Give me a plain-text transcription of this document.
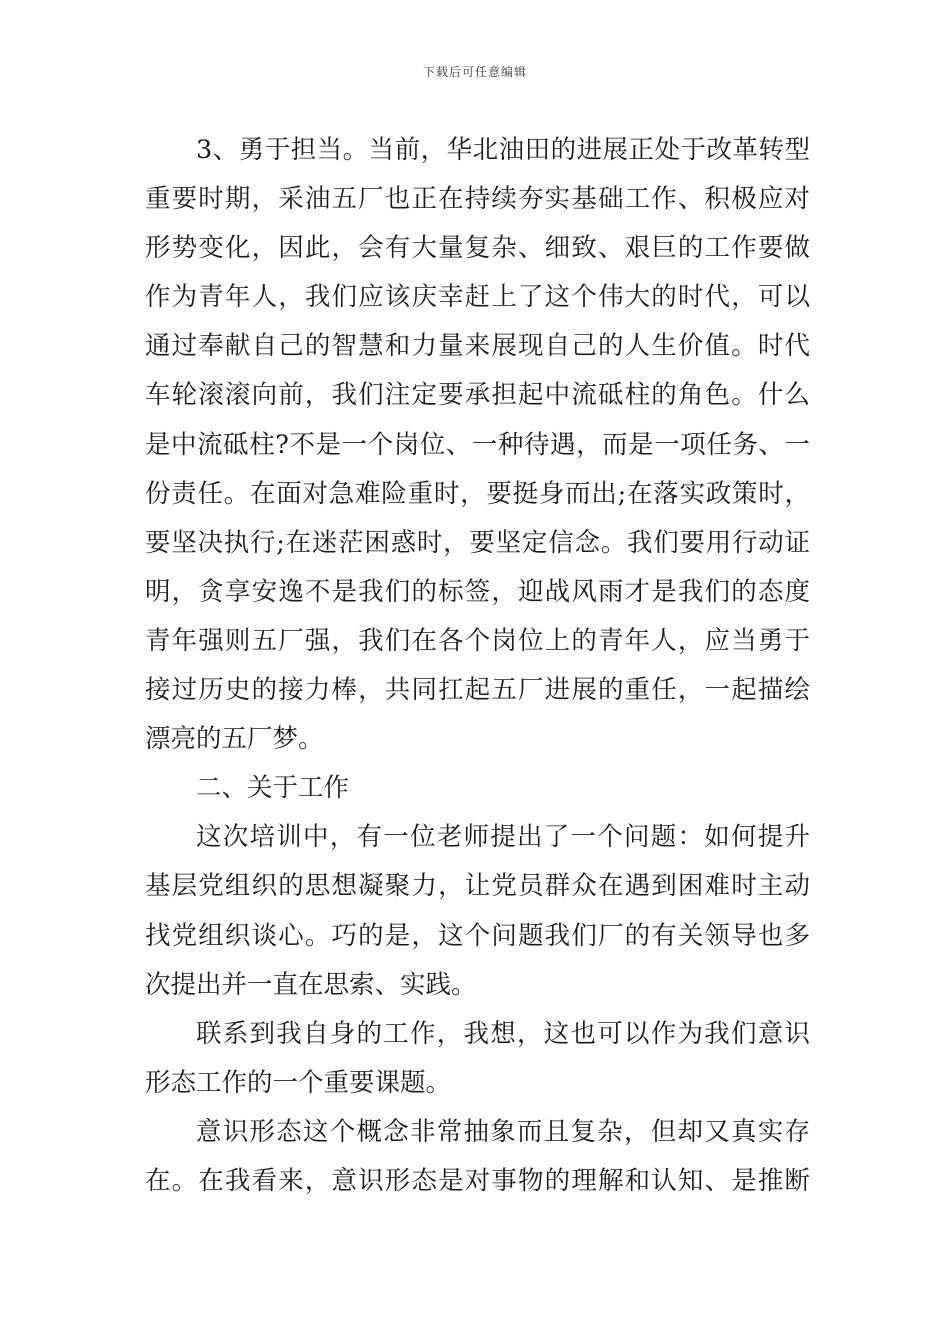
下载后可任意编辑
3、勇于担当。当前，华北油田的进展正处于改革转型
重要时期，采油五厂也正在持续夯实基础工作、积极应对
形势变化，因此，会有大量复杂、细致、艰巨的工作要做
作为青年人，我们应该庆幸赶上了这个伟大的时代，可以
通过奉献自己的智慧和力量来展现自己的人生价值。时代
车轮滚滚向前，我们注定要承担起中流砥柱的角色。什么
是中流砥柱?不是一个岗位、一种待遇，而是一项任务、一
份责任。在面对急难险重时，要挺身而出;在落实政策时，
要坚决执行;在迷茫困惑时，要坚定信念。我们要用行动证
明，贪享安逸不是我们的标签，迎战风雨才是我们的态度
青年强则五厂强，我们在各个岗位上的青年人，应当勇于
接过历史的接力棒，共同扛起五厂进展的重任，一起描绘
漂亮的五厂梦。
二、关于工作
这次培训中，有一位老师提出了一个问题：如何提升
基层党组织的思想凝聚力，让党员群众在遇到困难时主动
找党组织谈心。巧的是，这个问题我们厂的有关领导也多
次提出并一直在思索、实践。
联系到我自身的工作，我想，这也可以作为我们意识
形态工作的一个重要课题。
意识形态这个概念非常抽象而且复杂，但却又真实存
在。在我看来，意识形态是对事物的理解和认知、是推断
